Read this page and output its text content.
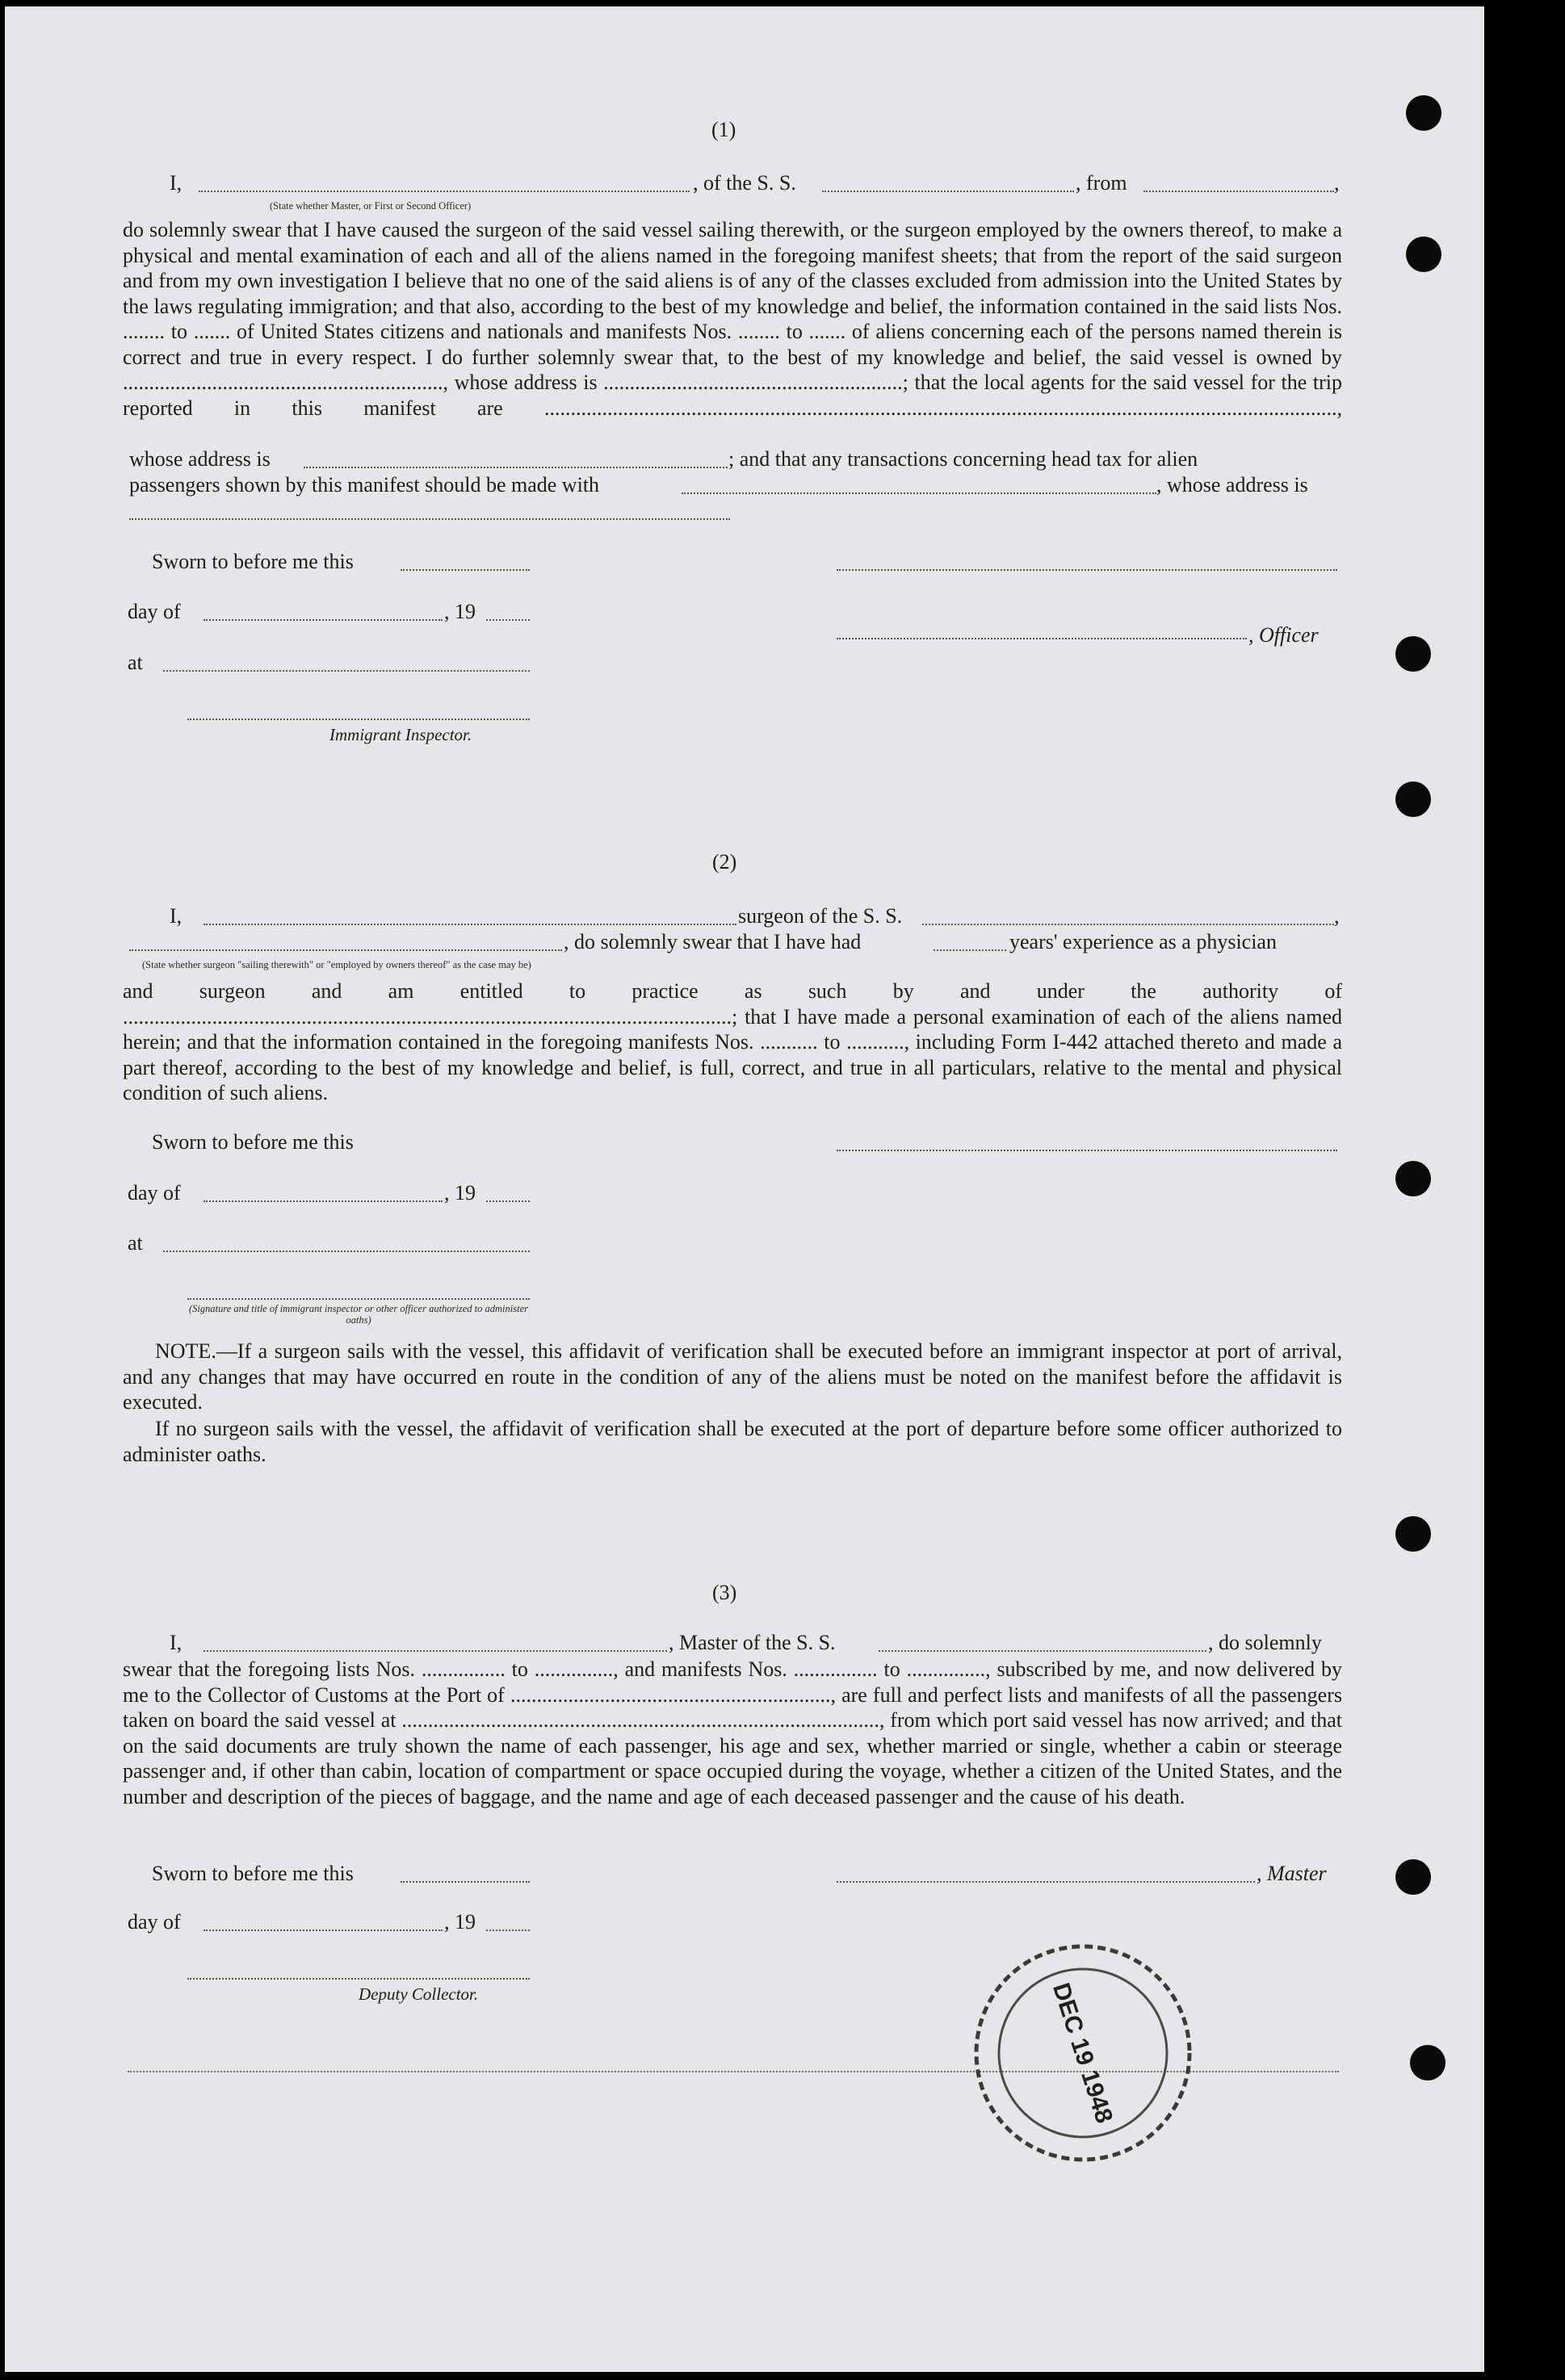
(1)
I,	, of the S. S.	, from	,
(State whether Master, or First or Second Officer)
do solemnly swear that I have caused the surgeon of the said vessel sailing therewith, or the surgeon employed by the owners thereof, to make a physical and mental examination of each and all of the aliens named in the foregoing manifest sheets; that from the report of the said surgeon and from my own investigation I believe that no one of the said aliens is of any of the classes excluded from admission into the United States by the laws regulating immigration; and that also, according to the best of my knowledge and belief, the information contained in the said lists Nos. ........ to ....... of United States citizens and nationals and manifests Nos. ........ to ....... of aliens concerning each of the persons named therein is correct and true in every respect. I do further solemnly swear that, to the best of my knowledge and belief, the said vessel is owned by ............................................................., whose address is .........................................................; that the local agents for the said vessel for the trip reported in this manifest are .......................................................................................................................................................,
whose address is	; and that any transactions concerning head tax for alien
passengers shown by this manifest should be made with	, whose address is
Sworn to before me this
day of	, 19
at
Immigrant Inspector.
, Officer
(2)
I,	surgeon of the S. S.	,
, do solemnly swear that I have had	years' experience as a physician
(State whether surgeon "sailing therewith" or "employed by owners thereof" as the case may be)
and surgeon and am entitled to practice as such by and under the authority of ....................................................................................................................; that I have made a personal examination of each of the aliens named herein; and that the information contained in the foregoing manifests Nos. ........... to ..........., including Form I-442 attached thereto and made a part thereof, according to the best of my knowledge and belief, is full, correct, and true in all particulars, relative to the mental and physical condition of such aliens.
Sworn to before me this
day of	, 19
at
(Signature and title of immigrant inspector or other officer authorized to administer oaths)
NOTE.—If a surgeon sails with the vessel, this affidavit of verification shall be executed before an immigrant inspector at port of arrival, and any changes that may have occurred en route in the condition of any of the aliens must be noted on the manifest before the affidavit is executed.
If no surgeon sails with the vessel, the affidavit of verification shall be executed at the port of departure before some officer authorized to administer oaths.
(3)
I,	, Master of the S. S.	, do solemnly
swear that the foregoing lists Nos. ................ to ..............., and manifests Nos. ................ to ..............., subscribed by me, and now delivered by me to the Collector of Customs at the Port of ............................................................., are full and perfect lists and manifests of all the passengers taken on board the said vessel at ..........................................................................................., from which port said vessel has now arrived; and that on the said documents are truly shown the name of each passenger, his age and sex, whether married or single, whether a cabin or steerage passenger and, if other than cabin, location of compartment or space occupied during the voyage, whether a citizen of the United States, and the number and description of the pieces of baggage, and the name and age of each deceased passenger and the cause of his death.
Sworn to before me this	, Master
day of	, 19
Deputy Collector.	DEC 19 1948
